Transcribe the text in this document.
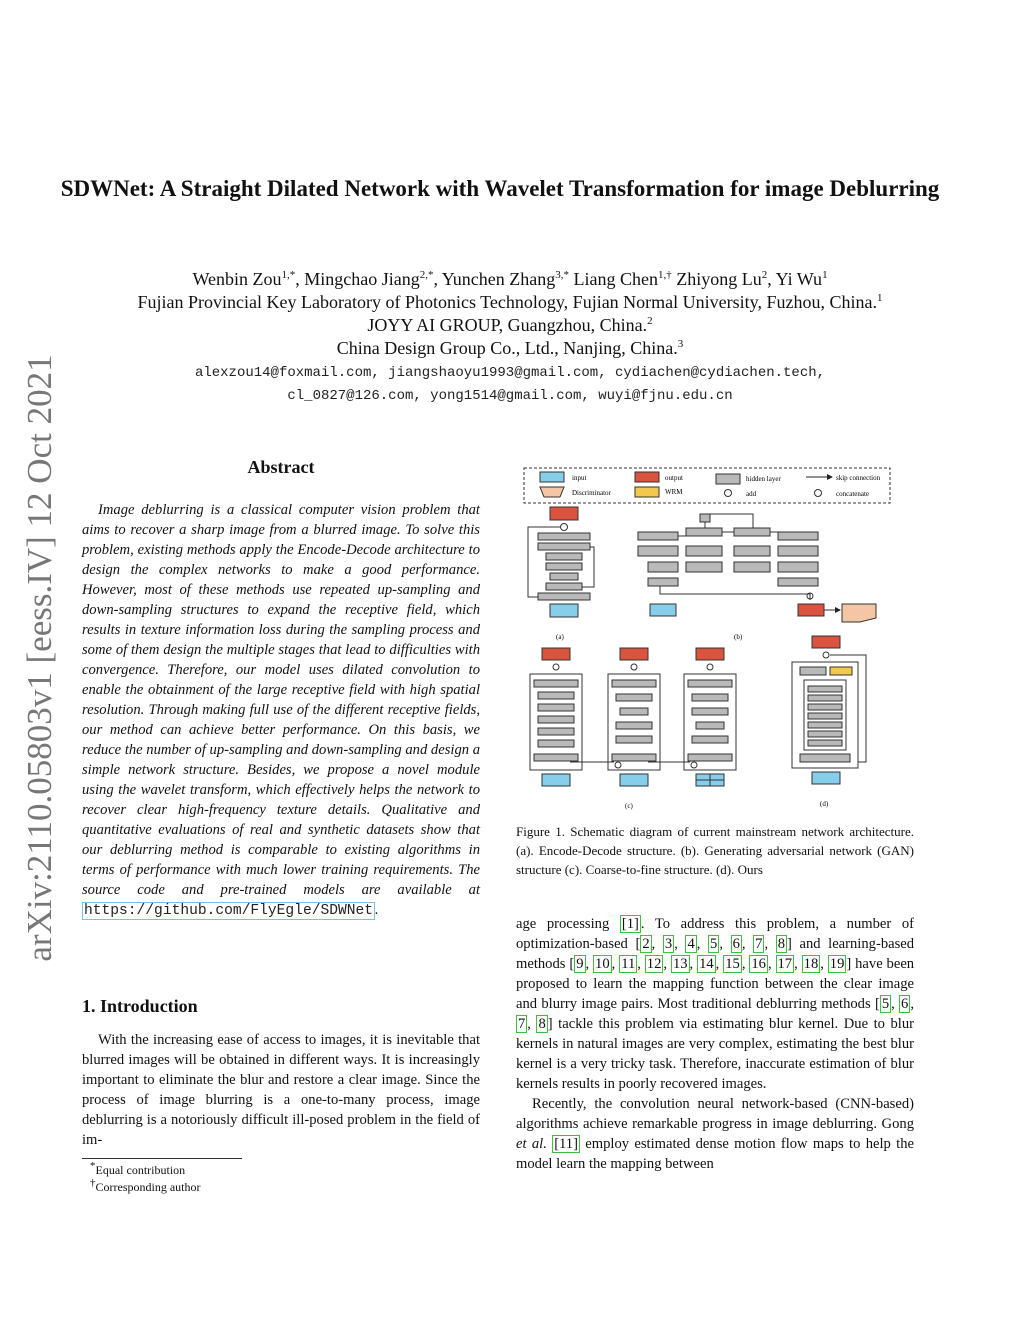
arXiv:2110.05803v1 [eess.IV] 12 Oct 2021
SDWNet: A Straight Dilated Network with Wavelet Transformation for image Deblurring
Wenbin Zou$^{1,*}$, Mingchao Jiang$^{2,*}$, Yunchen Zhang$^{3,*}$ Liang Chen$^{1,\dagger}$ Zhiyong Lu$^2$, Yi Wu$^1$
Fujian Provincial Key Laboratory of Photonics Technology, Fujian Normal University, Fuzhou, China.$^1$
JOYY AI GROUP, Guangzhou, China.$^2$
China Design Group Co., Ltd., Nanjing, China.$^3$
alexzou14@foxmail.com, jiangshaoyu1993@gmail.com, cydiachen@cydiachen.tech,
cl_0827@126.com, yong1514@gmail.com, wuyi@fjnu.edu.cn
Abstract

Image deblurring is a classical computer vision problem that aims to recover a sharp image from a blurred image. To solve this problem, existing methods apply the Encode-Decode architecture to design the complex networks to make a good performance. However, most of these methods use repeated up-sampling and down-sampling structures to expand the receptive field, which results in texture information loss during the sampling process and some of them design the multiple stages that lead to difficulties with convergence. Therefore, our model uses dilated convolution to enable the obtainment of the large receptive field with high spatial resolution. Through making full use of the different receptive fields, our method can achieve better performance. On this basis, we reduce the number of up-sampling and down-sampling and design a simple network structure. Besides, we propose a novel module using the wavelet transform, which effectively helps the network to recover clear high-frequency texture details. Qualitative and quantitative evaluations of real and synthetic datasets show that our deblurring method is comparable to existing algorithms in terms of performance with much lower training requirements. The source code and pre-trained models are available at https://github.com/FlyEgle/SDWNet .

1. Introduction

With the increasing ease of access to images, it is inevitable that blurred images will be obtained in different ways. It is increasingly important to eliminate the blur and restore a clear image. Since the process of image blurring is a one-to-many process, image deblurring is a notoriously difficult ill-posed problem in the field of im-

*Equal contribution
†Corresponding author
input	output	hidden layer	skip connection
Discriminator	WRM	add	concatenate
(a)	(b)
(c)	(d)
Figure 1. Schematic diagram of current mainstream network architecture. (a). Encode-Decode structure. (b). Generating adversarial network (GAN) structure (c). Coarse-to-fine structure. (d). Ours

age processing [1] . To address this problem, a number of optimization-based [ 2 , 3 , 4 , 5 , 6 , 7 , 8 ] and learning-based methods [ 9 , 10 , 11 , 12 , 13 , 14 , 15 , 16 , 17 , 18 , 19 ] have been proposed to learn the mapping function between the clear image and blurry image pairs. Most traditional deblurring methods [ 5 , 6 , 7 , 8 ] tackle this problem via estimating blur kernel. Due to blur kernels in natural images are very complex, estimating the best blur kernel is a very tricky task. Therefore, inaccurate estimation of blur kernels results in poorly recovered images.

Recently, the convolution neural network-based (CNN-based) algorithms achieve remarkable progress in image deblurring. Gong et al. [11] employ estimated dense motion flow maps to help the model learn the mapping between
